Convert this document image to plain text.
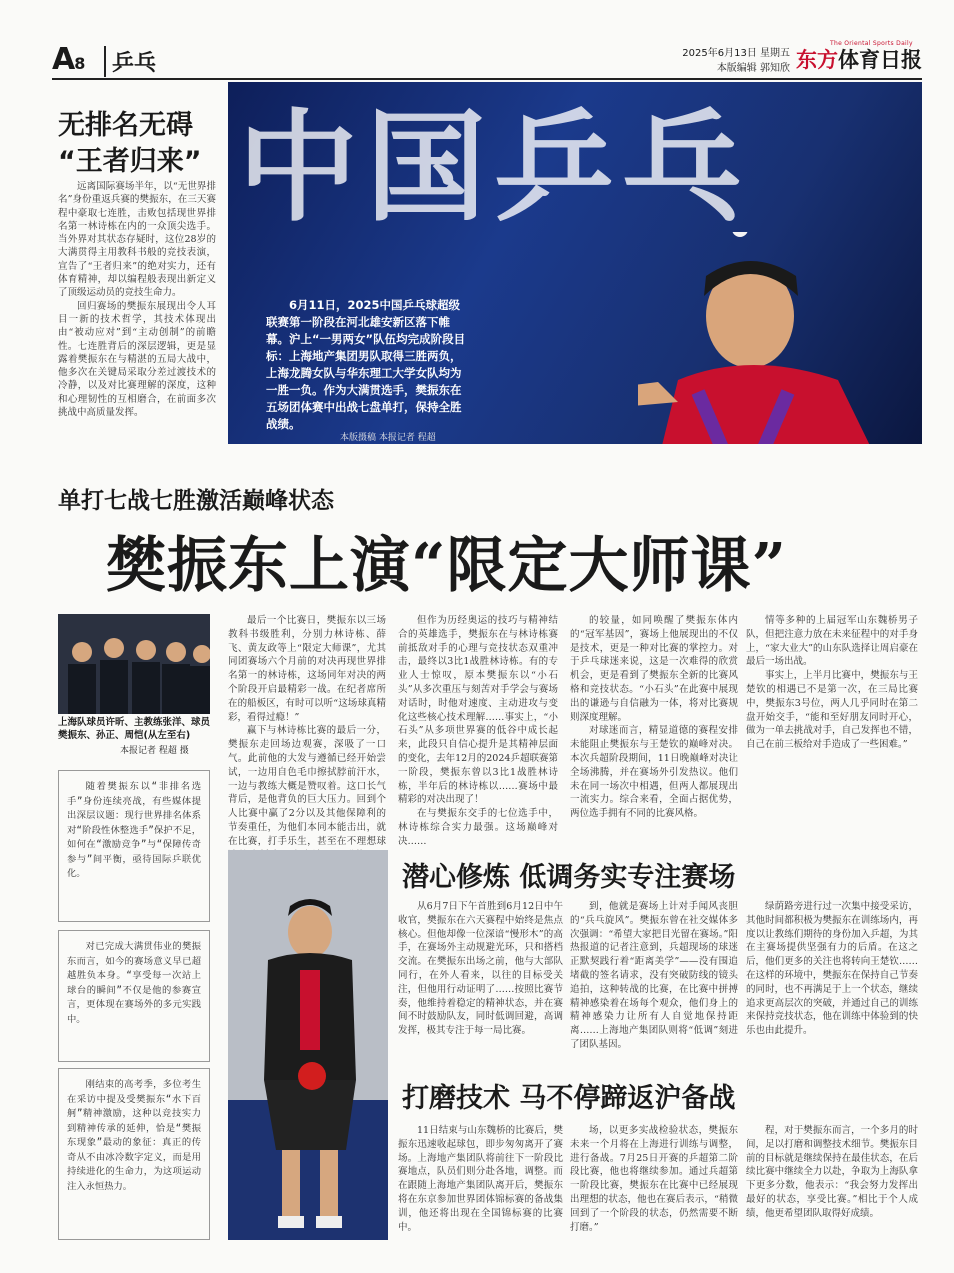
A8	乒乓	2025年6月13日 星期五
本版编辑 郭知欣
The Oriental Sports Daily
东方体育日报
无排名无碍
“王者归来”

远离国际赛场半年，以“无世界排名”身份重返兵赛的樊振东，在三天赛程中豪取七连胜，击败包括现世界排名第一林诗栋在内的一众顶尖选手。当外界对其状态存疑时，这位28岁的大满贯得主用教科书般的竞技表演，宣告了“王者归来”的绝对实力，还有体育精神，却以编程般表现出新定义了顶级运动员的竞技生命力。

回归赛场的樊振东展现出令人耳目一新的技术哲学，其技术体现出由“被动应对”到“主动创制”的前瞻性。七连胜背后的深层逻辑，更是显露着樊振东在与精湛的五局大战中，他多次在关键局采取分差过渡技术的冷静，以及对比赛理解的深度，这种和心理韧性的互相磨合，在前面多次挑战中高质量发挥。

中国乒乓
6月11日，2025中国乒乓球超级联赛第一阶段在河北雄安新区落下帷幕。沪上“一男两女”队伍均完成阶段目标：上海地产集团男队取得三胜两负，上海龙腾女队与华东理工大学女队均为一胜一负。作为大满贯选手，樊振东在五场团体赛中出战七盘单打，保持全胜战绩。
本版摄稿 本报记者 程超
单打七战七胜激活巅峰状态
樊振东上演“限定大师课”
上海队球员许昕、主教练张洋、球员樊振东、孙正、周恺(从左至右)
本报记者 程超 摄
随着樊振东以“非排名选手”身份连续亮战，有些媒体提出深层议题：现行世界排名体系对“阶段性休整选手”保护不足，如何在“激励竞争”与“保障传奇参与”间平衡，亟待国际乒联优化。
对已完成大满贯伟业的樊振东而言，如今的赛场意义早已超越胜负本身。“享受每一次站上球台的瞬间”不仅是他的参赛宣言，更体现在赛场外的多元实践中。
刚结束的高考季，多位考生在采访中提及受樊振东“水下百舸”精神激励，这种以竞技实力到精神传承的延伸，恰是“樊振东现象”最动的象征：真正的传奇从不由冰冷数字定义，而是用持续进化的生命力，为这项运动注入永恒热力。

最后一个比赛日，樊振东以三场教科书级胜利，分别力林诗栋、薛飞、黄友政等上“限定大师课”，尤其同团赛场六个月前的对决再现世界排名第一的林诗栋，这场同年对决的两个阶段开启最精彩一战。在纪者席所在的船板区，有时可以听“这场球真精彩，看得过瘾！”

赢下与林诗栋比赛的最后一分，樊振东走回场边观赛，深吸了一口气。此前他的大发与遵循已经开始尝试，一边用自色毛巾擦拭脖前汗水，一边与教练大概是赞叹着。这口长气背后，是他背负的巨大压力。回到个人比赛中赢了2分以及其他保障利的节奏重任，为他们本同本能击出，就在比赛，打手乐生，甚至在不理想球

但作为历经奥运的技巧与精神结合的英雄选手，樊振东在与林诗栋赛前抵敌对手的心理与竞技状态双重冲击，最终以3比1战胜林诗栋。有的专业人士惊叹，原本樊振东以“小石头”从多次重压与刻苦对手学会与赛场对话时，时他对速度、主动进攻与变化这些核心技术理解……事实上，“小石头”从多项世界赛的低谷中成长起来，此段只自信心提升是其精神层面的变化，去年12月的2024乒超联赛第一阶段，樊振东曾以3比1战胜林诗栋，半年后的林诗栋以……赛场中最精彩的对决出现了！

在与樊振东交手的七位选手中，林诗栋综合实力最强。这场巅峰对决……

的较量，如同唤醒了樊振东体内的“冠军基因”，赛场上他展现出的不仅是技术，更是一种对比赛的掌控力。对于乒乓球迷来说，这是一次难得的欣赏机会，更是看到了樊振东全新的比赛风格和竞技状态。“小石头”在此赛中展现出的谦逊与自信融为一体，将对比赛规则深度理解。

对球迷而言，精显道德的赛程安排未能阻止樊振东与王楚钦的巅峰对决。本次兵超阶段期间，11日晚巅峰对决让全场沸腾，并在赛场外引发热议。他们未在同一场次中相遇，但两人都展现出一流实力。综合来看，全面占据优势，两位选手拥有不同的比赛风格。

情等多种的上届冠军山东魏桥男子队，但把注意力放在未来征程中的对手身上，“家大业大”的山东队选择让周启豪在最后一场出战。

事实上，上半月比赛中，樊振东与王楚钦的相遇已不是第一次，在三局比赛中，樊振东3号位，两人几乎同时在第二盘开始交手，“能和至好朋友同时开心，做为一单去挑战对手，自己发挥也不错，自己在前三板给对手造成了一些困难。”

潜心修炼 低调务实专注赛场

从6月7日下午首胜到6月12日中午收官，樊振东在六天赛程中始终是焦点核心。但他却像一位深谙“慢形木”的高手，在赛场外主动规避光环，只和搭档交流。在樊振东出场之前，他与大部队同行，在外人看来，以往的目标受关注，但他用行动证明了……按照比赛节奏，他维持着稳定的精神状态，并在赛间不时鼓励队友，同时低调回避，高调发挥，极其专注于每一局比赛。

到，他就是赛场上计对手闻风丧胆的“兵乓旋风”。樊振东曾在社交媒体多次强调：“希望大家把目光留在赛场。”阳热报道的记者注意到，兵超现场的球迷正默契践行着“距离美学”——没有围追堵截的签名请求，没有突破防线的镜头追拍，这种转战的比赛，在比赛中拼搏精神感染着在场每个观众，他们身上的精神感染力让所有人自觉地保持距离……上海地产集团队则将“低调”刻进了团队基因。

绿荫路旁进行过一次集中接受采访，其他时间都积极为樊振东在训练场内，再度以让教练们期待的身份加入乒超，为其在主赛场提供坚强有力的后盾。在这之后，他们更多的关注也将转向王楚钦……在这样的环境中，樊振东在保持自己节奏的同时，也不再满足于上一个状态，继续追求更高层次的突破，并通过自己的训练来保持竞技状态，他在训练中体验到的快乐也由此提升。

打磨技术 马不停蹄返沪备战

11日结束与山东魏桥的比赛后，樊振东迅速收起球包，即步匆匆离开了赛场。上海地产集团队将前往下一阶段比赛地点，队员们则分赴各地，调整。而在跟随上海地产集团队离开后，樊振东将在东京参加世界团体锦标赛的备战集训，他还将出现在全国锦标赛的比赛中。

场，以更多实战检验状态，樊振东未来一个月将在上海进行训练与调整，进行备战。7月25日开赛的乒超第二阶段比赛，他也将继续参加。通过兵超第一阶段比赛，樊振东在比赛中已经展现出理想的状态，他也在赛后表示，“稍微回到了一个阶段的状态，仍然需要不断打磨。”

程，对于樊振东而言，一个多月的时间，足以打磨和调整技术细节。樊振东目前的目标就是继续保持在最佳状态，在后续比赛中继续全力以赴，争取为上海队拿下更多分数，他表示：“我会努力发挥出最好的状态，享受比赛。”相比于个人成绩，他更希望团队取得好成绩。
